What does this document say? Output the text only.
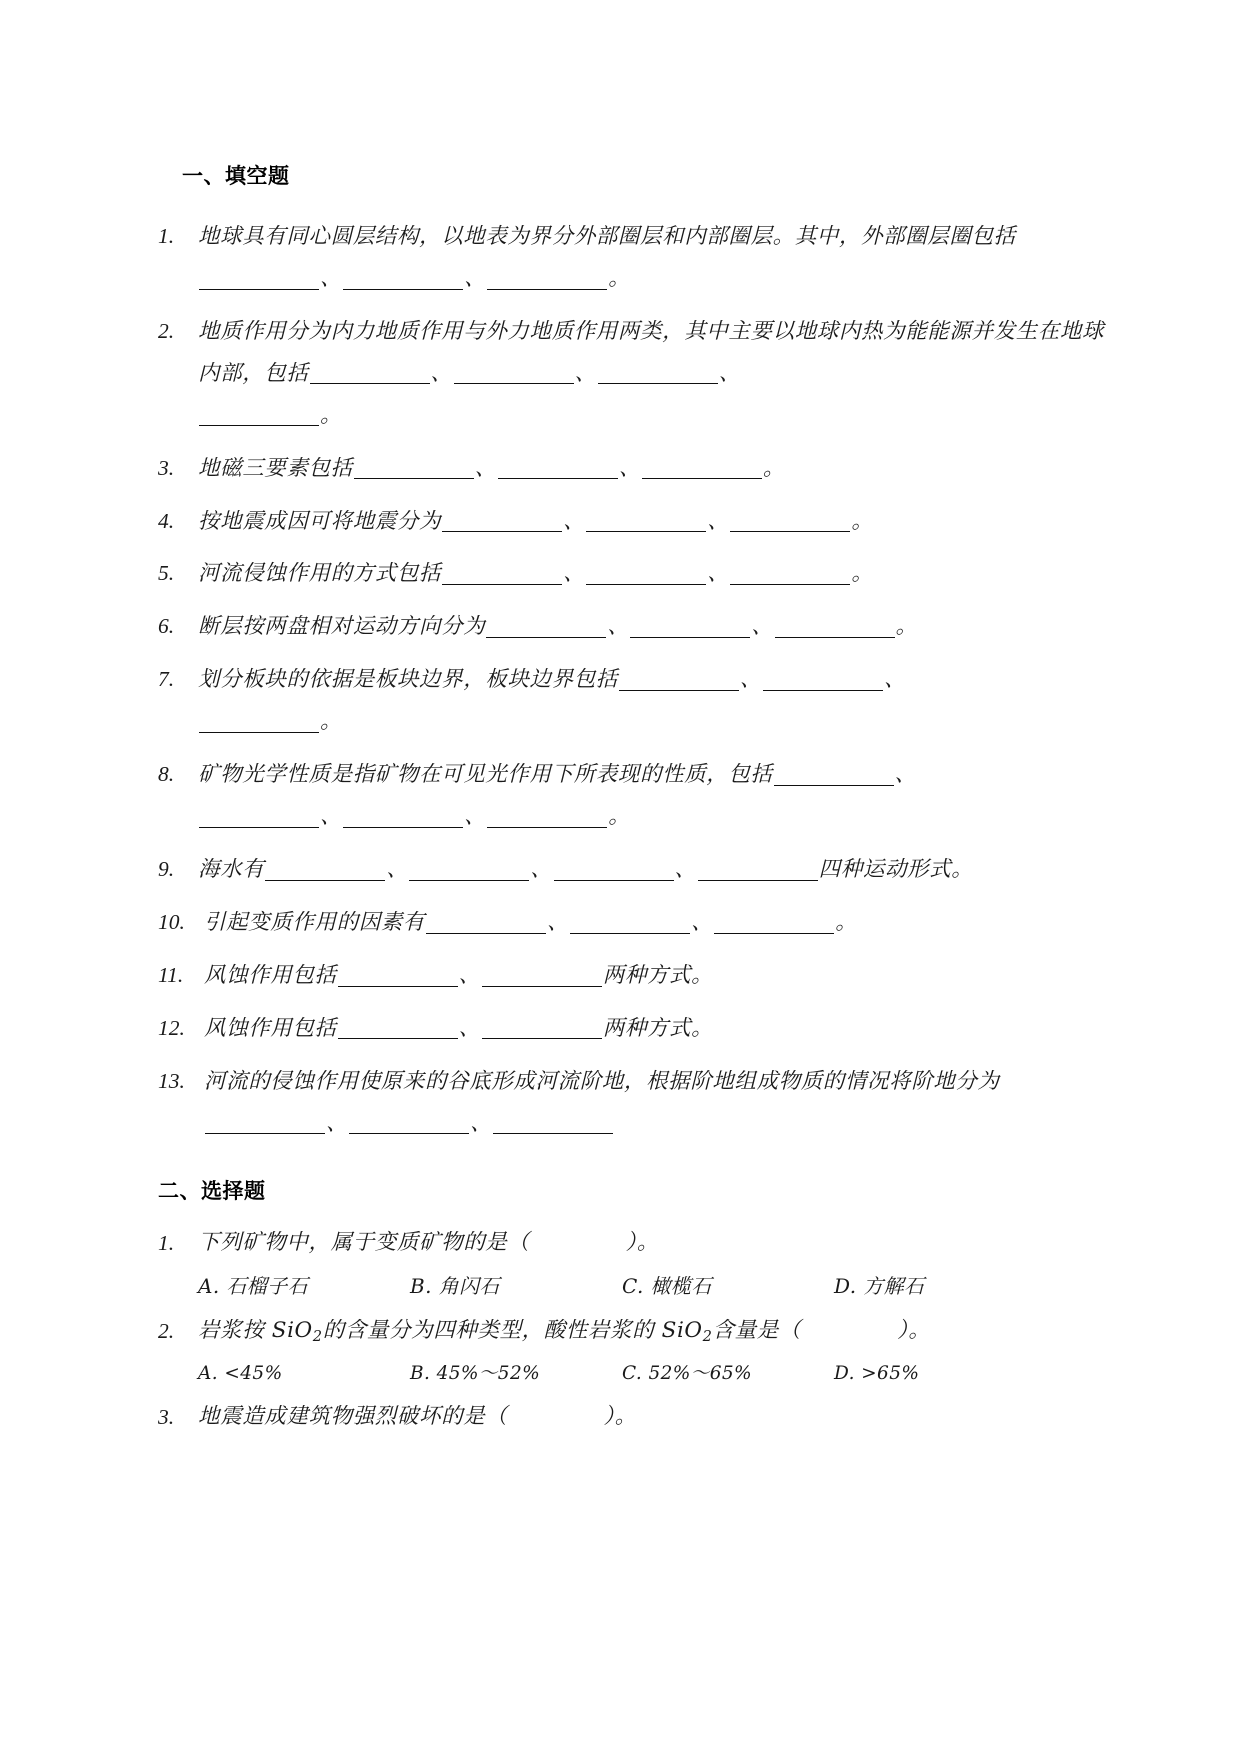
一、填空题
1.	地球具有同心圆层结构，以地表为界分外部圈层和内部圈层。其中，外部圈层圈包括、	、	。
2.	地质作用分为内力地质作用与外力地质作用两类，其中主要以地球内热为能能源并发生在地球内部，包括	、	、	、
。
3.	地磁三要素包括	、	、	。
4.	按地震成因可将地震分为	、	、	。
5.	河流侵蚀作用的方式包括	、	、	。
6.	断层按两盘相对运动方向分为	、	、	。
7.	划分板块的依据是板块边界，板块边界包括	、	、
。
8.	矿物光学性质是指矿物在可见光作用下所表现的性质，包括	、
、	、	。
9.	海水有	、	、	、	四种运动形式。
10. 引起变质作用的因素有	、	、	。
11. 风蚀作用包括	、	两种方式。
12. 风蚀作用包括	、	两种方式。
13. 河流的侵蚀作用使原来的谷底形成河流阶地，根据阶地组成物质的情况将阶地分为、	、
二、选择题
1.	下列矿物中，属于变质矿物的是（	）。
A. 石榴子石	B. 角闪石	C. 橄榄石	D. 方解石
2.	岩浆按 SiO$_2$的含量分为四种类型，酸性岩浆的 SiO$_2$含量是（	）。
A. <45%	B. 45%～52%	C. 52%～65%	D. >65%
3.	地震造成建筑物强烈破坏的是（	）。
